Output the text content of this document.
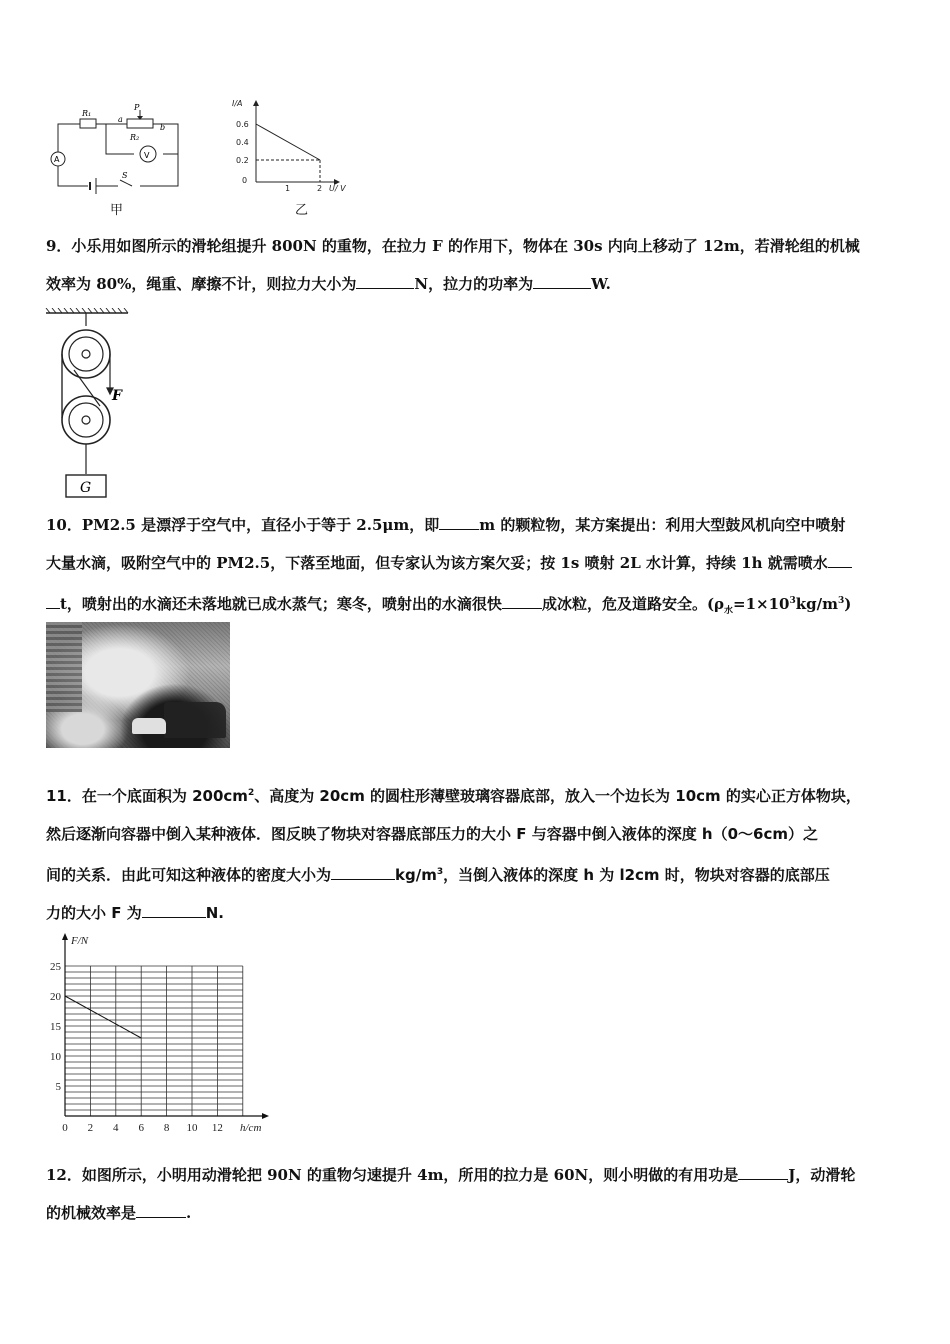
R₁
a
P
b
R₂
A	V
S
甲
I/A
0.6
0.4
0.2
0
1	2 U/ V
乙

9．小乐用如图所示的滑轮组提升 800N 的重物，在拉力 F 的作用下，物体在 30s 内向上移动了 12m，若滑轮组的机械

效率为 80%，绳重、摩擦不计，则拉力大小为	N，拉力的功率为	W.

F
G

10．PM2.5 是漂浮于空气中，直径小于等于 2.5μm，即	m 的颗粒物，某方案提出：利用大型鼓风机向空中喷射

大量水滴，吸附空气中的 PM2.5，下落至地面，但专家认为该方案欠妥；按 1s 喷射 2L 水计算，持续 1h 就需喷水

t，喷射出的水滴还未落地就已成水蒸气；寒冬，喷射出的水滴很快	成冰粒，危及道路安全。$(\rho_水=1\times 10^3kg/m^3)$

11．在一个底面积为 $200cm^2$、高度为 20cm 的圆柱形薄壁玻璃容器底部，放入一个边长为 10cm 的实心正方体物块，

然后逐渐向容器中倒入某种液体．图反映了物块对容器底部压力的大小 F 与容器中倒入液体的深度 h（0～6cm）之

间的关系．由此可知这种液体的密度大小为	$kg/m^3$，当倒入液体的深度 h 为 l2cm 时，物块对容器的底部压

力的大小 F 为	N.

25
20
15
10
5
0 2 4 6 8 10 12
F/N
h/cm

12．如图所示，小明用动滑轮把 90N 的重物匀速提升 4m，所用的拉力是 60N，则小明做的有用功是	J，动滑轮

的机械效率是	.
